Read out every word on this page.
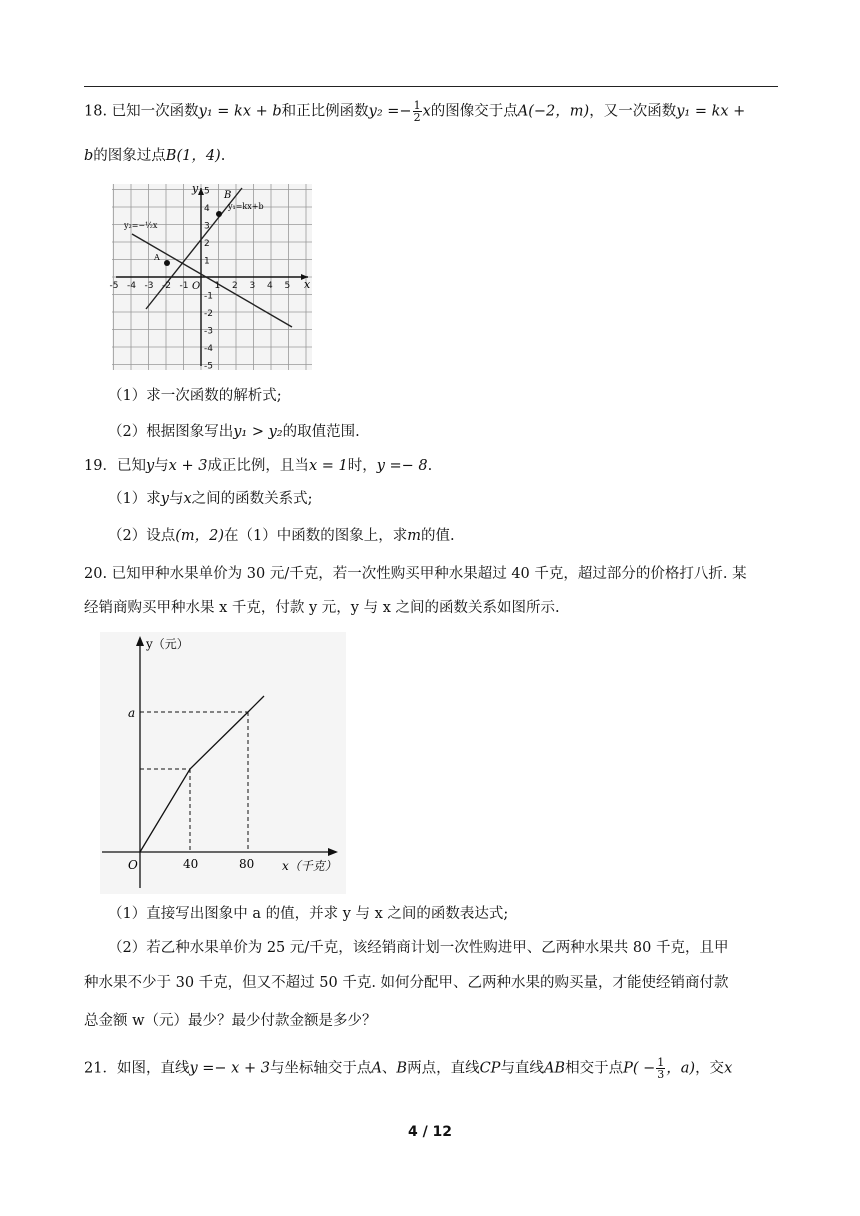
18. 已知一次函数y₁ = kx + b和正比例函数$y_2 =- \frac{1}{2}$ x的图像交于点A(−2，m)，又一次函数y₁ = kx +
b的图象过点B(1，4).
-5 -4 -3 -2 -1	1 2 3 4 5
5
4
3
2
1
-1
-2
-3
-4
-5
x
y
O
B
y₁=kx+b
y₂=−½x
A
（1）求一次函数的解析式;
（2）根据图象写出y₁ > y₂的取值范围.
19．已知y与x + 3成正比例，且当x = 1时，y =− 8.
（1）求y与x之间的函数关系式;
（2）设点(m，2)在（1）中函数的图象上，求m的值.
20. 已知甲种水果单价为 30 元/千克，若一次性购买甲种水果超过 40 千克，超过部分的价格打八折. 某
经销商购买甲种水果 x 千克，付款 y 元，y 与 x 之间的函数关系如图所示.
y（元）
x（千克）
O
a
40	80
（1）直接写出图象中 a 的值，并求 y 与 x 之间的函数表达式;
（2）若乙种水果单价为 25 元/千克，该经销商计划一次性购进甲、乙两种水果共 80 千克，且甲
种水果不少于 30 千克，但又不超过 50 千克. 如何分配甲、乙两种水果的购买量，才能使经销商付款
总金额 w（元）最少？最少付款金额是多少？
21．如图，直线y =− x + 3与坐标轴交于点A、B两点，直线CP与直线AB相交于点$P( - \frac{1}{3}$ ，a)，交x
4 / 12
